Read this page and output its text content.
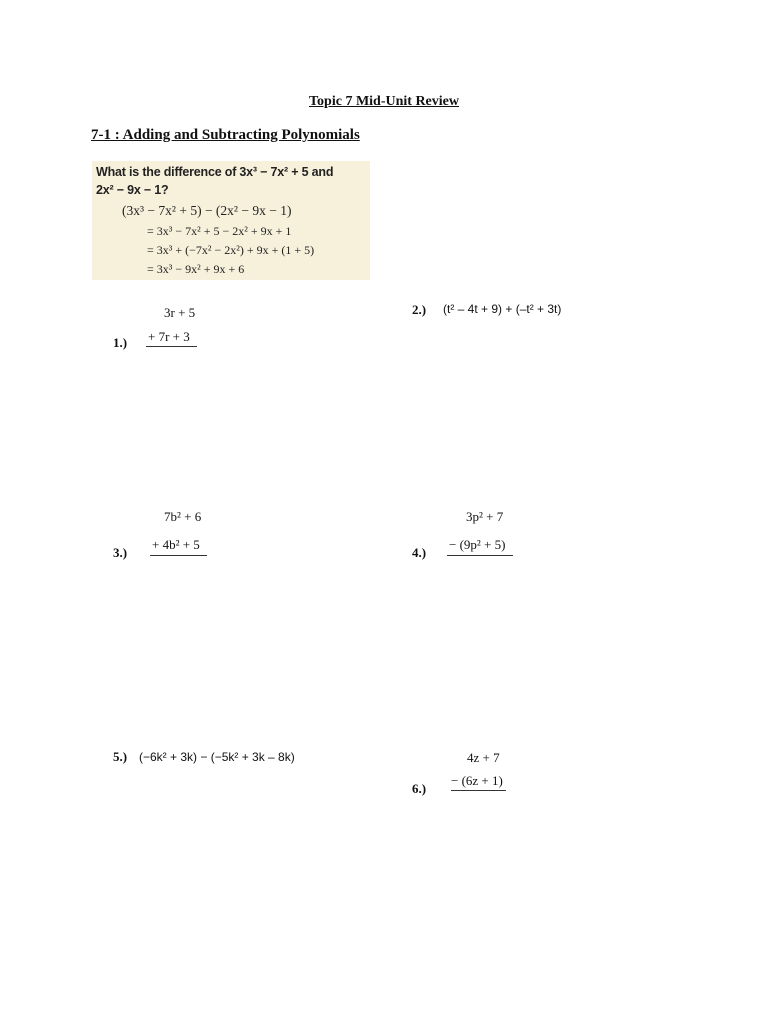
Topic 7 Mid-Unit Review
7-1 : Adding and Subtracting Polynomials
What is the difference of 3x³ − 7x² + 5 and
2x² − 9x − 1?
(3x³ − 7x² + 5) − (2x² − 9x − 1)
= 3x³ − 7x² + 5 − 2x² + 9x + 1
= 3x³ + (−7x² − 2x²) + 9x + (1 + 5)
= 3x³ − 9x² + 9x + 6
3r + 5
+ 7r + 3
1.)
2.) (t² – 4t + 9) + (–t² + 3t)
7b² + 6
+ 4b² + 5
3.)
3p² + 7
− (9p² + 5)
4.)
5.) (−6k² + 3k) − (−5k² + 3k – 8k)	4z + 7
− (6z + 1)
6.)
